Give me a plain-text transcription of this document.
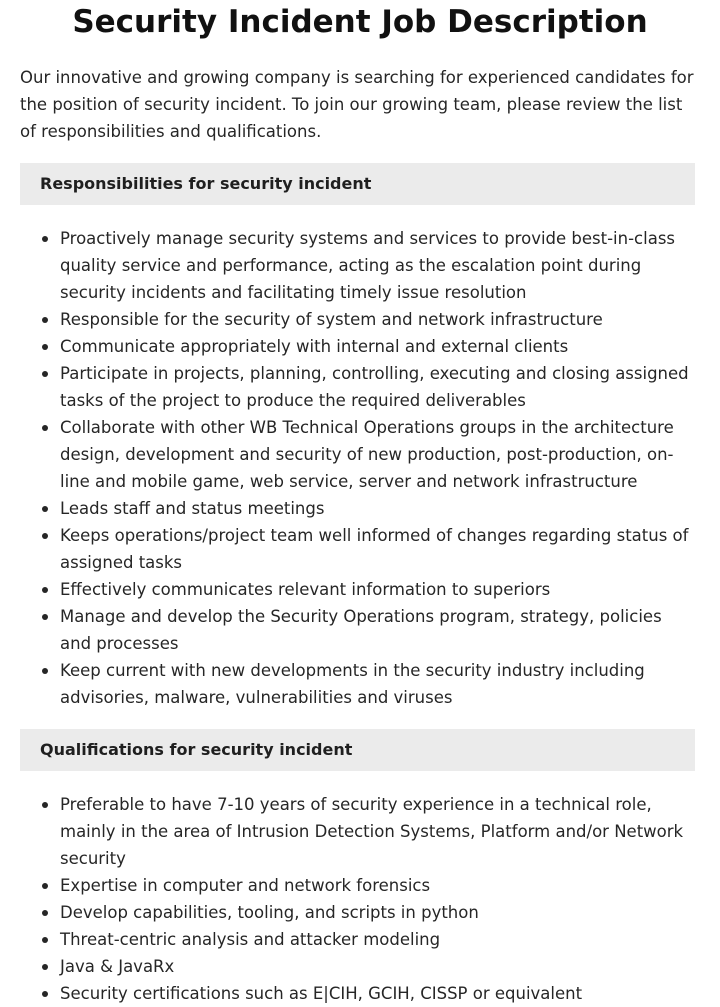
Security Incident Job Description

Our innovative and growing company is searching for experienced candidates for the position of security incident. To join our growing team, please review the list of responsibilities and qualifications.

Responsibilities for security incident
Proactively manage security systems and services to provide best-in-class quality service and performance, acting as the escalation point during security incidents and facilitating timely issue resolution
Responsible for the security of system and network infrastructure
Communicate appropriately with internal and external clients
Participate in projects, planning, controlling, executing and closing assigned tasks of the project to produce the required deliverables
Collaborate with other WB Technical Operations groups in the architecture design, development and security of new production, post-production, on-line and mobile game, web service, server and network infrastructure
Leads staff and status meetings
Keeps operations/project team well informed of changes regarding status of assigned tasks
Effectively communicates relevant information to superiors
Manage and develop the Security Operations program, strategy, policies and processes
Keep current with new developments in the security industry including advisories, malware, vulnerabilities and viruses
Qualifications for security incident
Preferable to have 7-10 years of security experience in a technical role, mainly in the area of Intrusion Detection Systems, Platform and/or Network security
Expertise in computer and network forensics
Develop capabilities, tooling, and scripts in python
Threat-centric analysis and attacker modeling
Java & JavaRx
Security certifications such as E|CIH, GCIH, CISSP or equivalent
